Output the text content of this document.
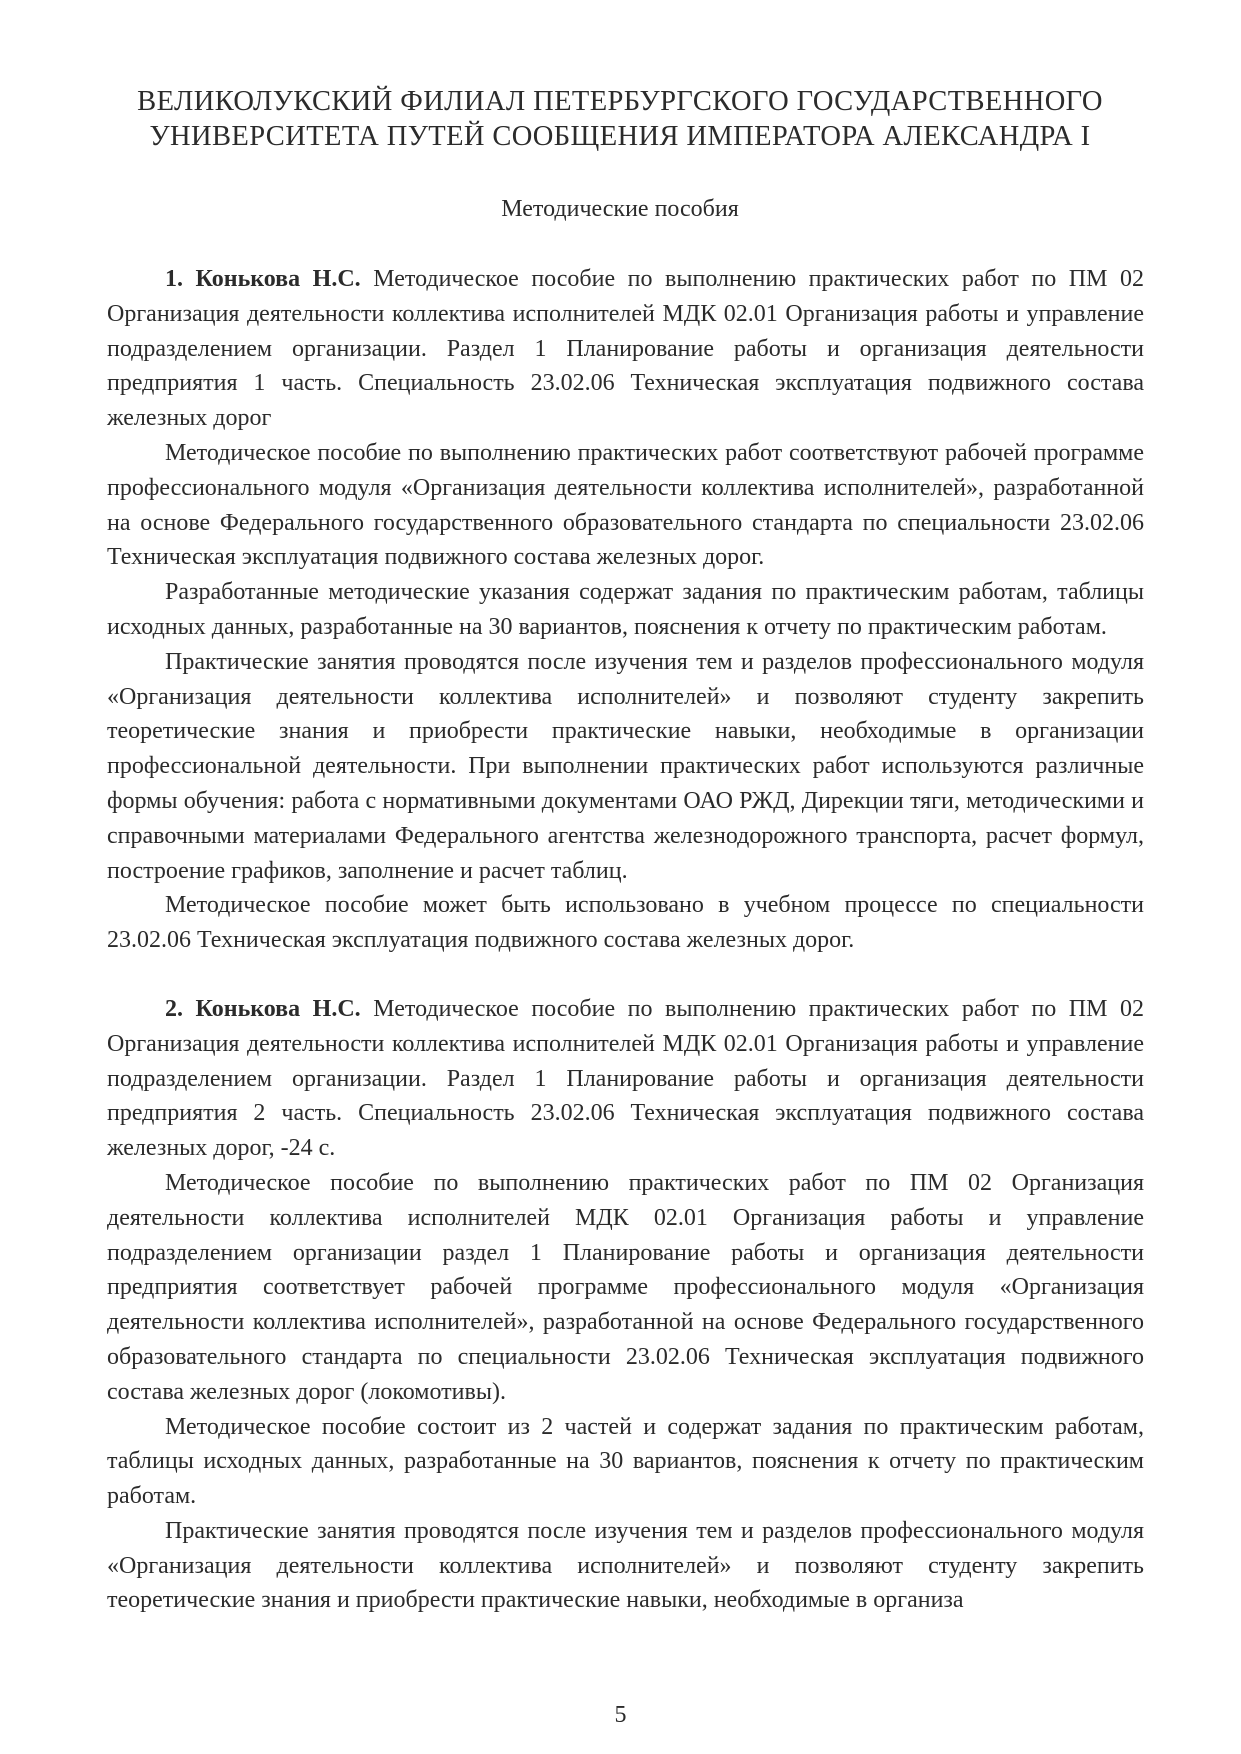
ВЕЛИКОЛУКСКИЙ ФИЛИАЛ ПЕТЕРБУРГСКОГО ГОСУДАРСТВЕННОГО
УНИВЕРСИТЕТА ПУТЕЙ СООБЩЕНИЯ ИМПЕРАТОРА АЛЕКСАНДРА I
Методические пособия

1. Конькова Н.С. Методическое пособие по выполнению практических работ по ПМ 02 Организация деятельности коллектива исполнителей МДК 02.01 Организация работы и управление подразделением организации. Раздел 1 Планирование работы и организация деятельности предприятия 1 часть. Специальность 23.02.06 Техническая эксплуатация подвижного состава железных дорог

Методическое пособие по выполнению практических работ соответствуют рабочей программе профессионального модуля «Организация деятельности коллектива исполнителей», разработанной на основе Федерального государственного образовательного стандарта по специальности 23.02.06 Техническая эксплуатация подвижного состава железных дорог.

Разработанные методические указания содержат задания по практическим работам, таблицы исходных данных, разработанные на 30 вариантов, пояснения к отчету по практическим работам.

Практические занятия проводятся после изучения тем и разделов профессионального модуля «Организация деятельности коллектива исполнителей» и позволяют студенту закрепить теоретические знания и приобрести практические навыки, необходимые в организации профессиональной деятельности. При выполнении практических работ используются различные формы обучения: работа с нормативными документами ОАО РЖД, Дирекции тяги, методическими и справочными материалами Федерального агентства железнодорожного транспорта, расчет формул, построение графиков, заполнение и расчет таблиц.

Методическое пособие может быть использовано в учебном процессе по специальности 23.02.06 Техническая эксплуатация подвижного состава железных дорог.

2. Конькова Н.С. Методическое пособие по выполнению практических работ по ПМ 02 Организация деятельности коллектива исполнителей МДК 02.01 Организация работы и управление подразделением организации. Раздел 1 Планирование работы и организация деятельности предприятия 2 часть. Специальность 23.02.06 Техническая эксплуатация подвижного состава железных дорог, -24 с.

Методическое пособие по выполнению практических работ по ПМ 02 Организация деятельности коллектива исполнителей МДК 02.01 Организация работы и управление подразделением организации раздел 1 Планирование работы и организация деятельности предприятия соответствует рабочей программе профессионального модуля «Организация деятельности коллектива исполнителей», разработанной на основе Федерального государственного образовательного стандарта по специальности 23.02.06 Техническая эксплуатация подвижного состава железных дорог (локомотивы).

Методическое пособие состоит из 2 частей и содержат задания по практическим работам, таблицы исходных данных, разработанные на 30 вариантов, пояснения к отчету по практическим работам.

Практические занятия проводятся после изучения тем и разделов профессионального модуля «Организация деятельности коллектива исполнителей» и позволяют студенту закрепить теоретические знания и приобрести практические навыки, необходимые в организа

5
